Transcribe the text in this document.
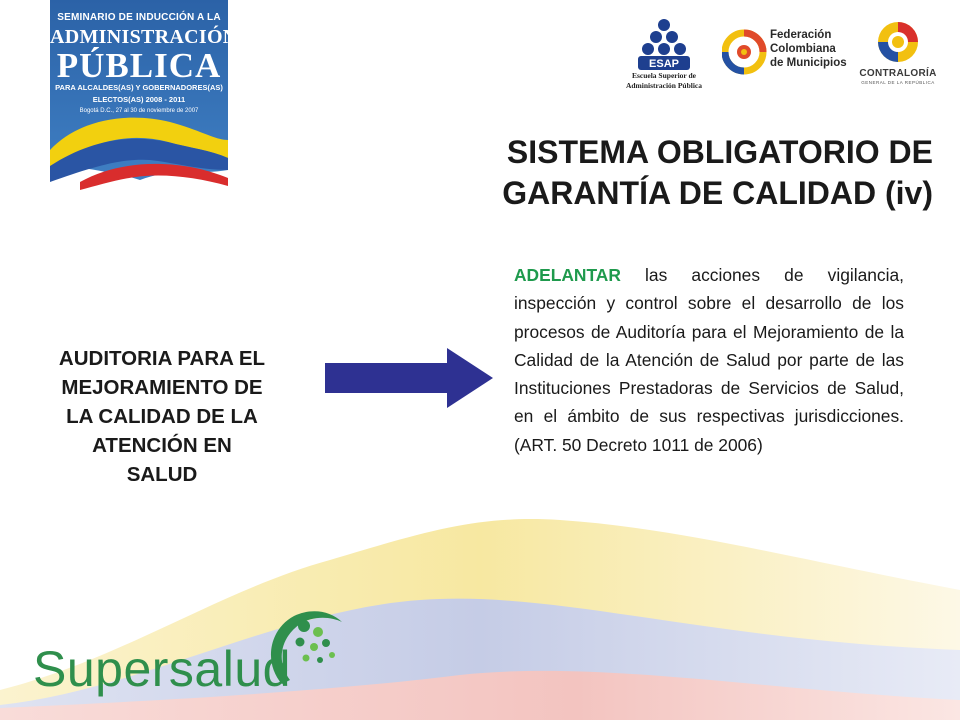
SEMINARIO DE INDUCCIÓN A LA
ADMINISTRACIÓN
PÚBLICA
PARA ALCALDES(AS) Y GOBERNADORES(AS)
ELECTOS(AS) 2008 - 2011
Bogotá D.C., 27 al 30 de noviembre de 2007
ESAP
Escuela Superior de
Administración Pública
Federación
Colombiana
de Municipios
CONTRALORÍA
GENERAL DE LA REPÚBLICA
SISTEMA OBLIGATORIO DE
GARANTÍA DE CALIDAD (iv)
AUDITORIA PARA EL
MEJORAMIENTO DE
LA CALIDAD DE LA
ATENCIÓN EN
SALUD
ADELANTAR las acciones de vigilancia, inspección y control sobre el desarrollo de los procesos de Auditoría para el Mejoramiento de la Calidad de la Atención de Salud por parte de las Instituciones Prestadoras de Servicios de Salud, en el ámbito de sus respectivas jurisdicciones. (ART. 50 Decreto 1011 de 2006)
Supersalud
